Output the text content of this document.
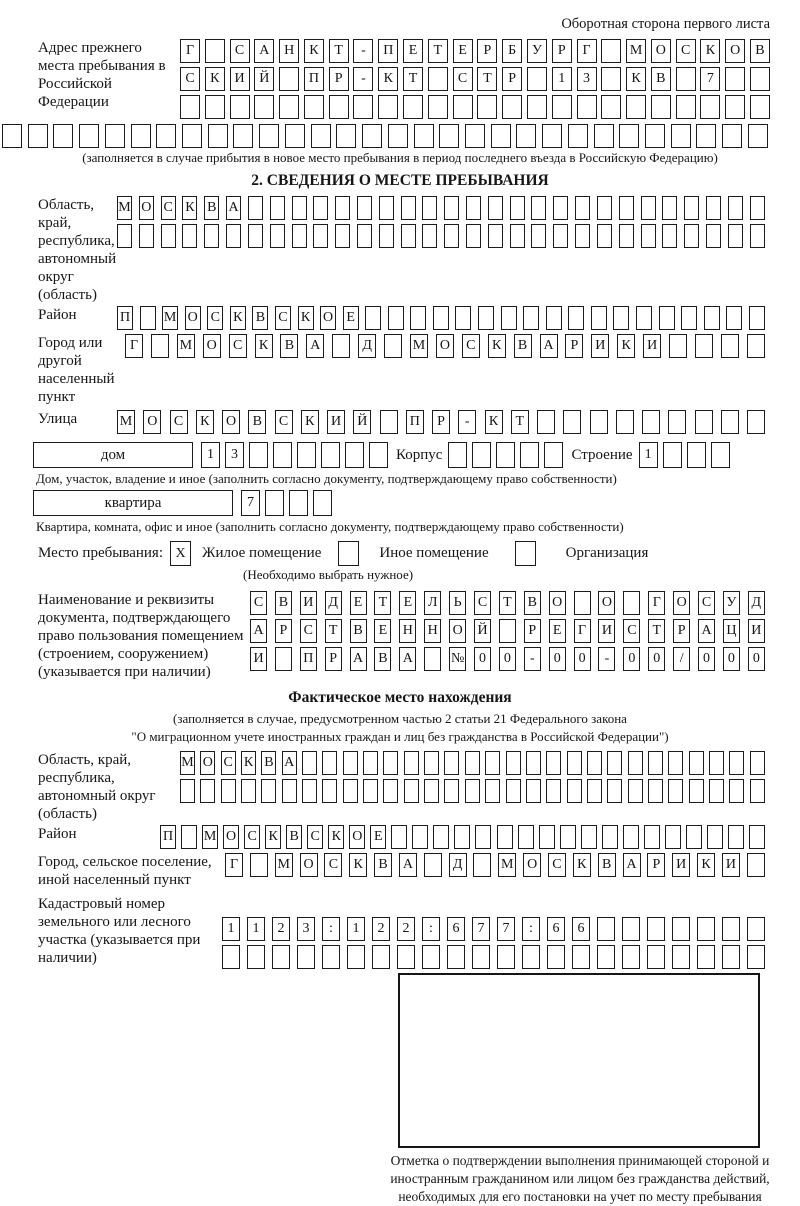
Оборотная сторона первого листа
Адрес прежнего места пребывания в Российской Федерации
Г	С	А	Н	К	Т	-	П	Е	Т	Е	Р	Б	У	Р	Г	М О	С	К	О	В
С	К	И	Й	П	Р	-	К	Т	С	Т	Р	1	3	К	В	7
(заполняется в случае прибытия в новое место пребывания в период последнего въезда в Российскую Федерацию)
2. СВЕДЕНИЯ О МЕСТЕ ПРЕБЫВАНИЯ
Область, край, республика, автономный округ (область)
М О С К В А
Район	П М О С К В С К О Е
Город или другой населенный пункт
Г	М О	С	К	В	А	Д	М О	С	К	В	А	Р	И	К	И
Улица	М О	С	К	О	В	С	К	И Й	П	Р	-	К	Т
дом	1	3	Корпус	Строение 1
Дом, участок, владение и иное (заполнить согласно документу, подтверждающему право собственности)
квартира	7
Квартира, комната, офис и иное (заполнить согласно документу, подтверждающему право собственности)
Место пребывания: X	Жилое помещение	Иное помещение	Организация
(Необходимо выбрать нужное)
Наименование и реквизиты документа, подтверждающего право пользования помещением (строением, сооружением) (указывается при наличии)
С В И Д	Е	Т	Е	Л	Ь	С	Т	В О	О	Г	О С У Д
А	Р	С	Т	В	Е	Н Н О Й	Р	Е	Г	И С	Т	Р	А Ц И
И	П	Р	А В А	№	0	0	-	0	0	-	0	0	/	0	0	0
Фактическое место нахождения
(заполняется в случае, предусмотренном частью 2 статьи 21 Федерального закона
"О миграционном учете иностранных граждан и лиц без гражданства в Российской Федерации")
Область, край, республика, автономный округ (область)
М О С К В А
Район	П М О С К В С К О Е
Город, сельское поселение, иной населенный пункт
Г	М О	С	К	В	А	Д	М О	С	К	В	А	Р	И	К	И
Кадастровый номер земельного или лесного участка (указывается при наличии)
1	1	2	3	:	1	2	2	:	6	7	7	:	6	6
Отметка о подтверждении выполнения принимающей стороной и иностранным гражданином или лицом без гражданства действий, необходимых для его постановки на учет по месту пребывания
